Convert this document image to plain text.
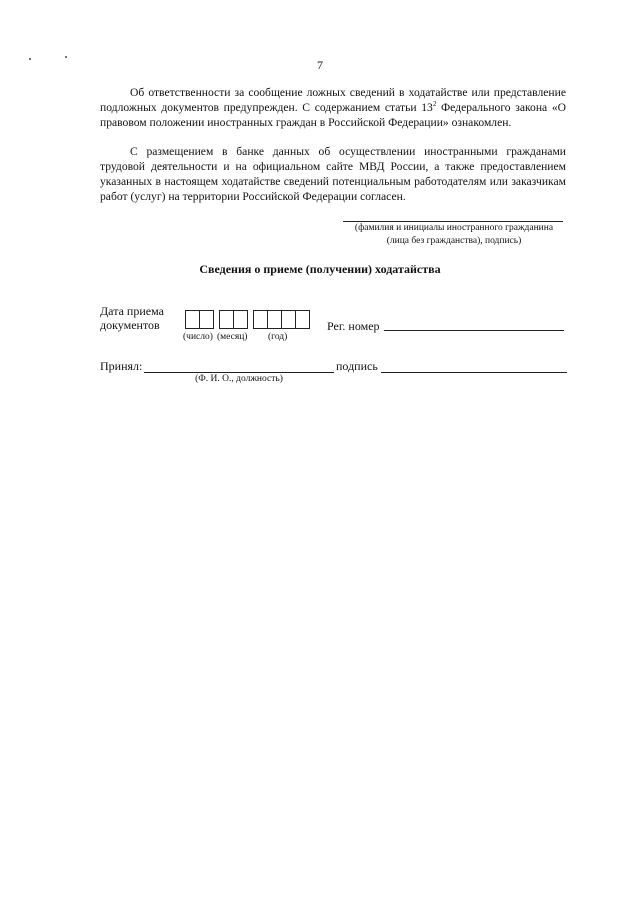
7
Об ответственности за сообщение ложных сведений в ходатайстве или представление подложных документов предупрежден. С содержанием статьи $13^2$ Федерального закона «О правовом положении иностранных граждан в Российской Федерации» ознакомлен.
С размещением в банке данных об осуществлении иностранными гражданами трудовой деятельности и на официальном сайте МВД России, а также предоставлением указанных в настоящем ходатайстве сведений потенциальным работодателям или заказчикам работ (услуг) на территории Российской Федерации согласен.
(фамилия и инициалы иностранного гражданина
(лица без гражданства), подпись)
Сведения о приеме (получении) ходатайства
Дата приема
документов
(число) (месяц) (год)
Рег. номер
Принял:
(Ф. И. О., должность)
подпись
